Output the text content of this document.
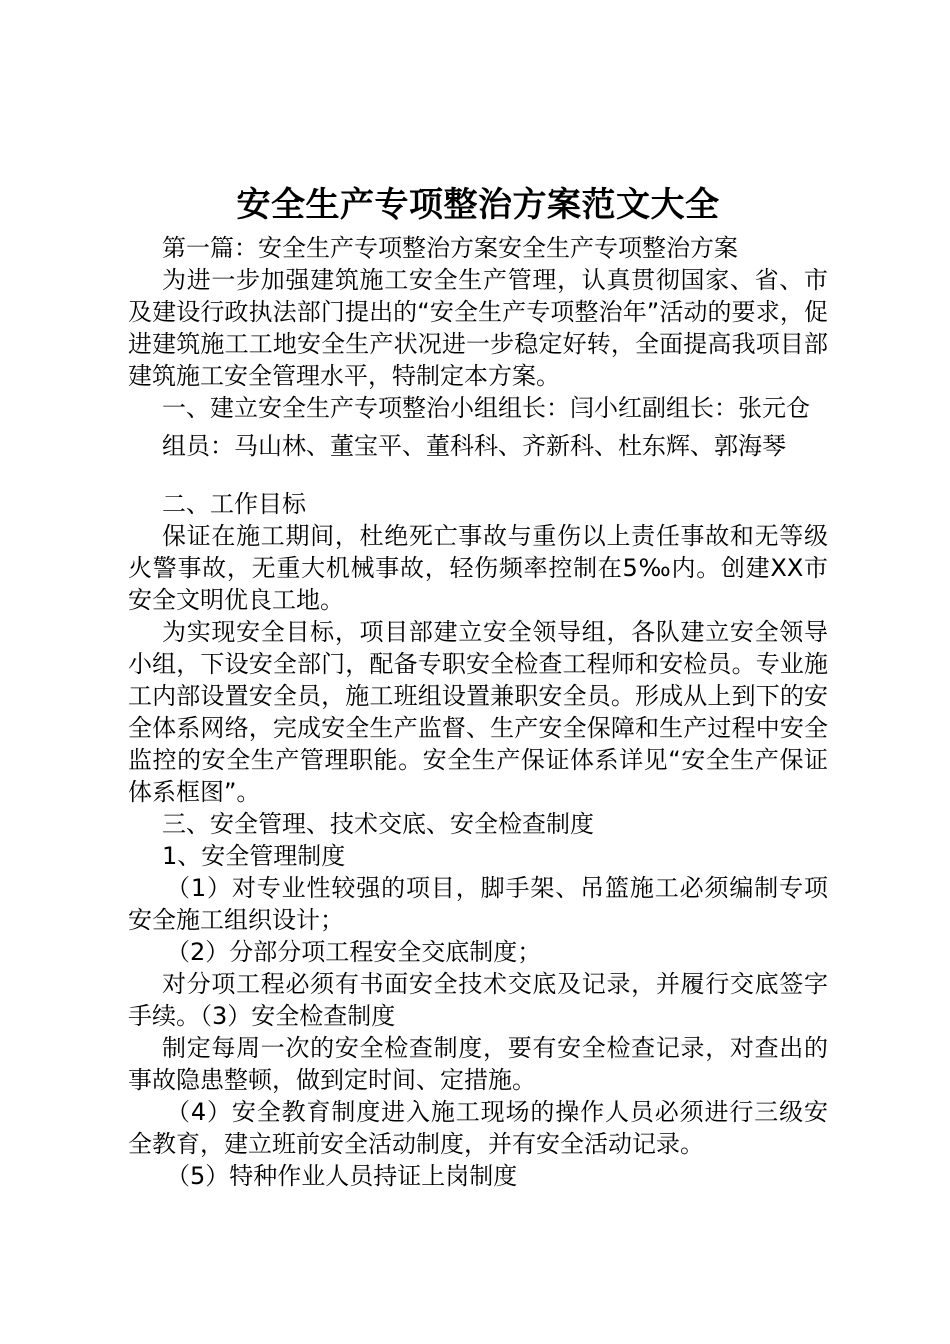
安全生产专项整治方案范文大全

第一篇：安全生产专项整治方案安全生产专项整治方案

为进一步加强建筑施工安全生产管理，认真贯彻国家、省、市及建设行政执法部门提出的“安全生产专项整治年”活动的要求，促进建筑施工工地安全生产状况进一步稳定好转，全面提高我项目部建筑施工安全管理水平，特制定本方案。

一、建立安全生产专项整治小组组长：闫小红副组长：张元仓

组员：马山林、董宝平、董科科、齐新科、杜东辉、郭海琴

二、工作目标

保证在施工期间，杜绝死亡事故与重伤以上责任事故和无等级火警事故，无重大机械事故，轻伤频率控制在5‰内。创建XX市安全文明优良工地。

为实现安全目标，项目部建立安全领导组，各队建立安全领导小组，下设安全部门，配备专职安全检查工程师和安检员。专业施工内部设置安全员，施工班组设置兼职安全员。形成从上到下的安全体系网络，完成安全生产监督、生产安全保障和生产过程中安全监控的安全生产管理职能。安全生产保证体系详见“安全生产保证体系框图”。

三、安全管理、技术交底、安全检查制度

1、安全管理制度

（1）对专业性较强的项目，脚手架、吊篮施工必须编制专项安全施工组织设计；

（2）分部分项工程安全交底制度；

对分项工程必须有书面安全技术交底及记录，并履行交底签字手续。（3）安全检查制度

制定每周一次的安全检查制度，要有安全检查记录，对查出的事故隐患整顿，做到定时间、定措施。

（4）安全教育制度进入施工现场的操作人员必须进行三级安全教育，建立班前安全活动制度，并有安全活动记录。

（5）特种作业人员持证上岗制度
